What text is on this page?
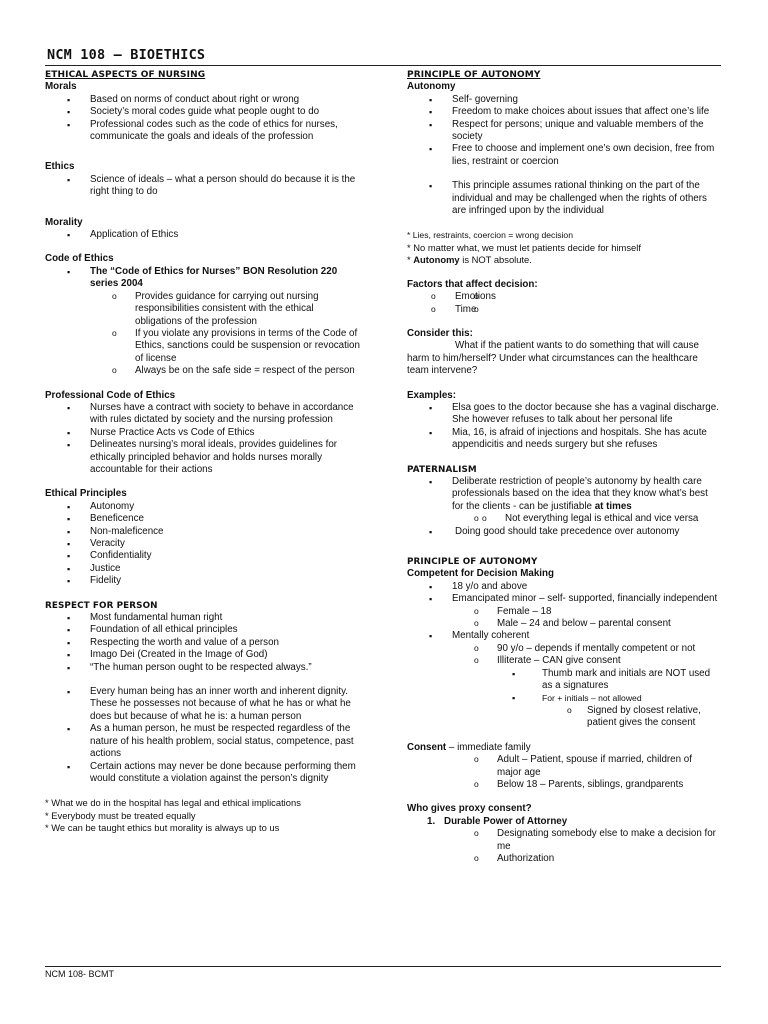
NCM 108 – BIOETHICS
ETHICAL ASPECTS OF NURSING
Morals
▪ Based on norms of conduct about right or wrong
▪ Society’s moral codes guide what people ought to do
▪ Professional codes such as the code of ethics for nurses, communicate the goals and ideals of the profession
Ethics
▪ Science of ideals – what a person should do because it is the right thing to do
Morality
▪ Application of Ethics
Code of Ethics
▪ The “Code of Ethics for Nurses” BON Resolution 220 series 2004
o Provides guidance for carrying out nursing responsibilities consistent with the ethical obligations of the profession
o If you violate any provisions in terms of the Code of Ethics, sanctions could be suspension or revocation of license
o Always be on the safe side = respect of the person
Professional Code of Ethics
▪ Nurses have a contract with society to behave in accordance with rules dictated by society and the nursing profession
▪ Nurse Practice Acts vs Code of Ethics
▪ Delineates nursing’s moral ideals, provides guidelines for ethically principled behavior and holds nurses morally accountable for their actions
Ethical Principles
▪ Autonomy
▪ Beneficence
▪ Non-maleficence
▪ Veracity
▪ Confidentiality
▪ Justice
▪ Fidelity
RESPECT FOR PERSON
▪ Most fundamental human right
▪ Foundation of all ethical principles
▪ Respecting the worth and value of a person
▪ Imago Dei (Created in the Image of God)
▪ “The human person ought to be respected always.”
▪ Every human being has an inner worth and inherent dignity. These he possesses not because of what he has or what he does but because of what he is: a human person
▪ As a human person, he must be respected regardless of the nature of his health problem, social status, competence, past actions
▪ Certain actions may never be done because performing them would constitute a violation against the person’s dignity
* What we do in the hospital has legal and ethical implications
* Everybody must be treated equally
* We can be taught ethics but morality is always up to us
PRINCIPLE OF AUTONOMY
Autonomy
▪ Self- governing
▪ Freedom to make choices about issues that affect one’s life
▪ Respect for persons; unique and valuable members of the society
▪ Free to choose and implement one’s own decision, free from lies, restraint or coercion
▪ This principle assumes rational thinking on the part of the individual and may be challenged when the rights of others are infringed upon by the individual
* Lies, restraints, coercion = wrong decision
* No matter what, we must let patients decide for himself
* Autonomy is NOT absolute.
Factors that affect decision:
o o Emotions
o o Time
Consider this:
What if the patient wants to do something that will cause harm to him/herself? Under what circumstances can the healthcare team intervene?
Examples:
▪ Elsa goes to the doctor because she has a vaginal discharge. She however refuses to talk about her personal life
▪ Mia, 16, is afraid of injections and hospitals. She has acute appendicitis and needs surgery but she refuses
PATERNALISM
▪ Deliberate restriction of people’s autonomy by health care professionals based on the idea that they know what’s best for the clients - can be justifiable at times
o o Not everything legal is ethical and vice versa
▪ Doing good should take precedence over autonomy
PRINCIPLE OF AUTONOMY
Competent for Decision Making
▪ 18 y/o and above
▪ Emancipated minor – self- supported, financially independent
o Female – 18
o Male – 24 and below – parental consent
▪ Mentally coherent
o 90 y/o – depends if mentally competent or not
o Illiterate – CAN give consent
▪ Thumb mark and initials are NOT used as a signatures
▪ For + initials – not allowed
o Signed by closest relative, patient gives the consent
Consent – immediate family
o Adult – Patient, spouse if married, children of major age
o Below 18 – Parents, siblings, grandparents
Who gives proxy consent?
1. Durable Power of Attorney
o Designating somebody else to make a decision for me
o Authorization
NCM 108- BCMT
